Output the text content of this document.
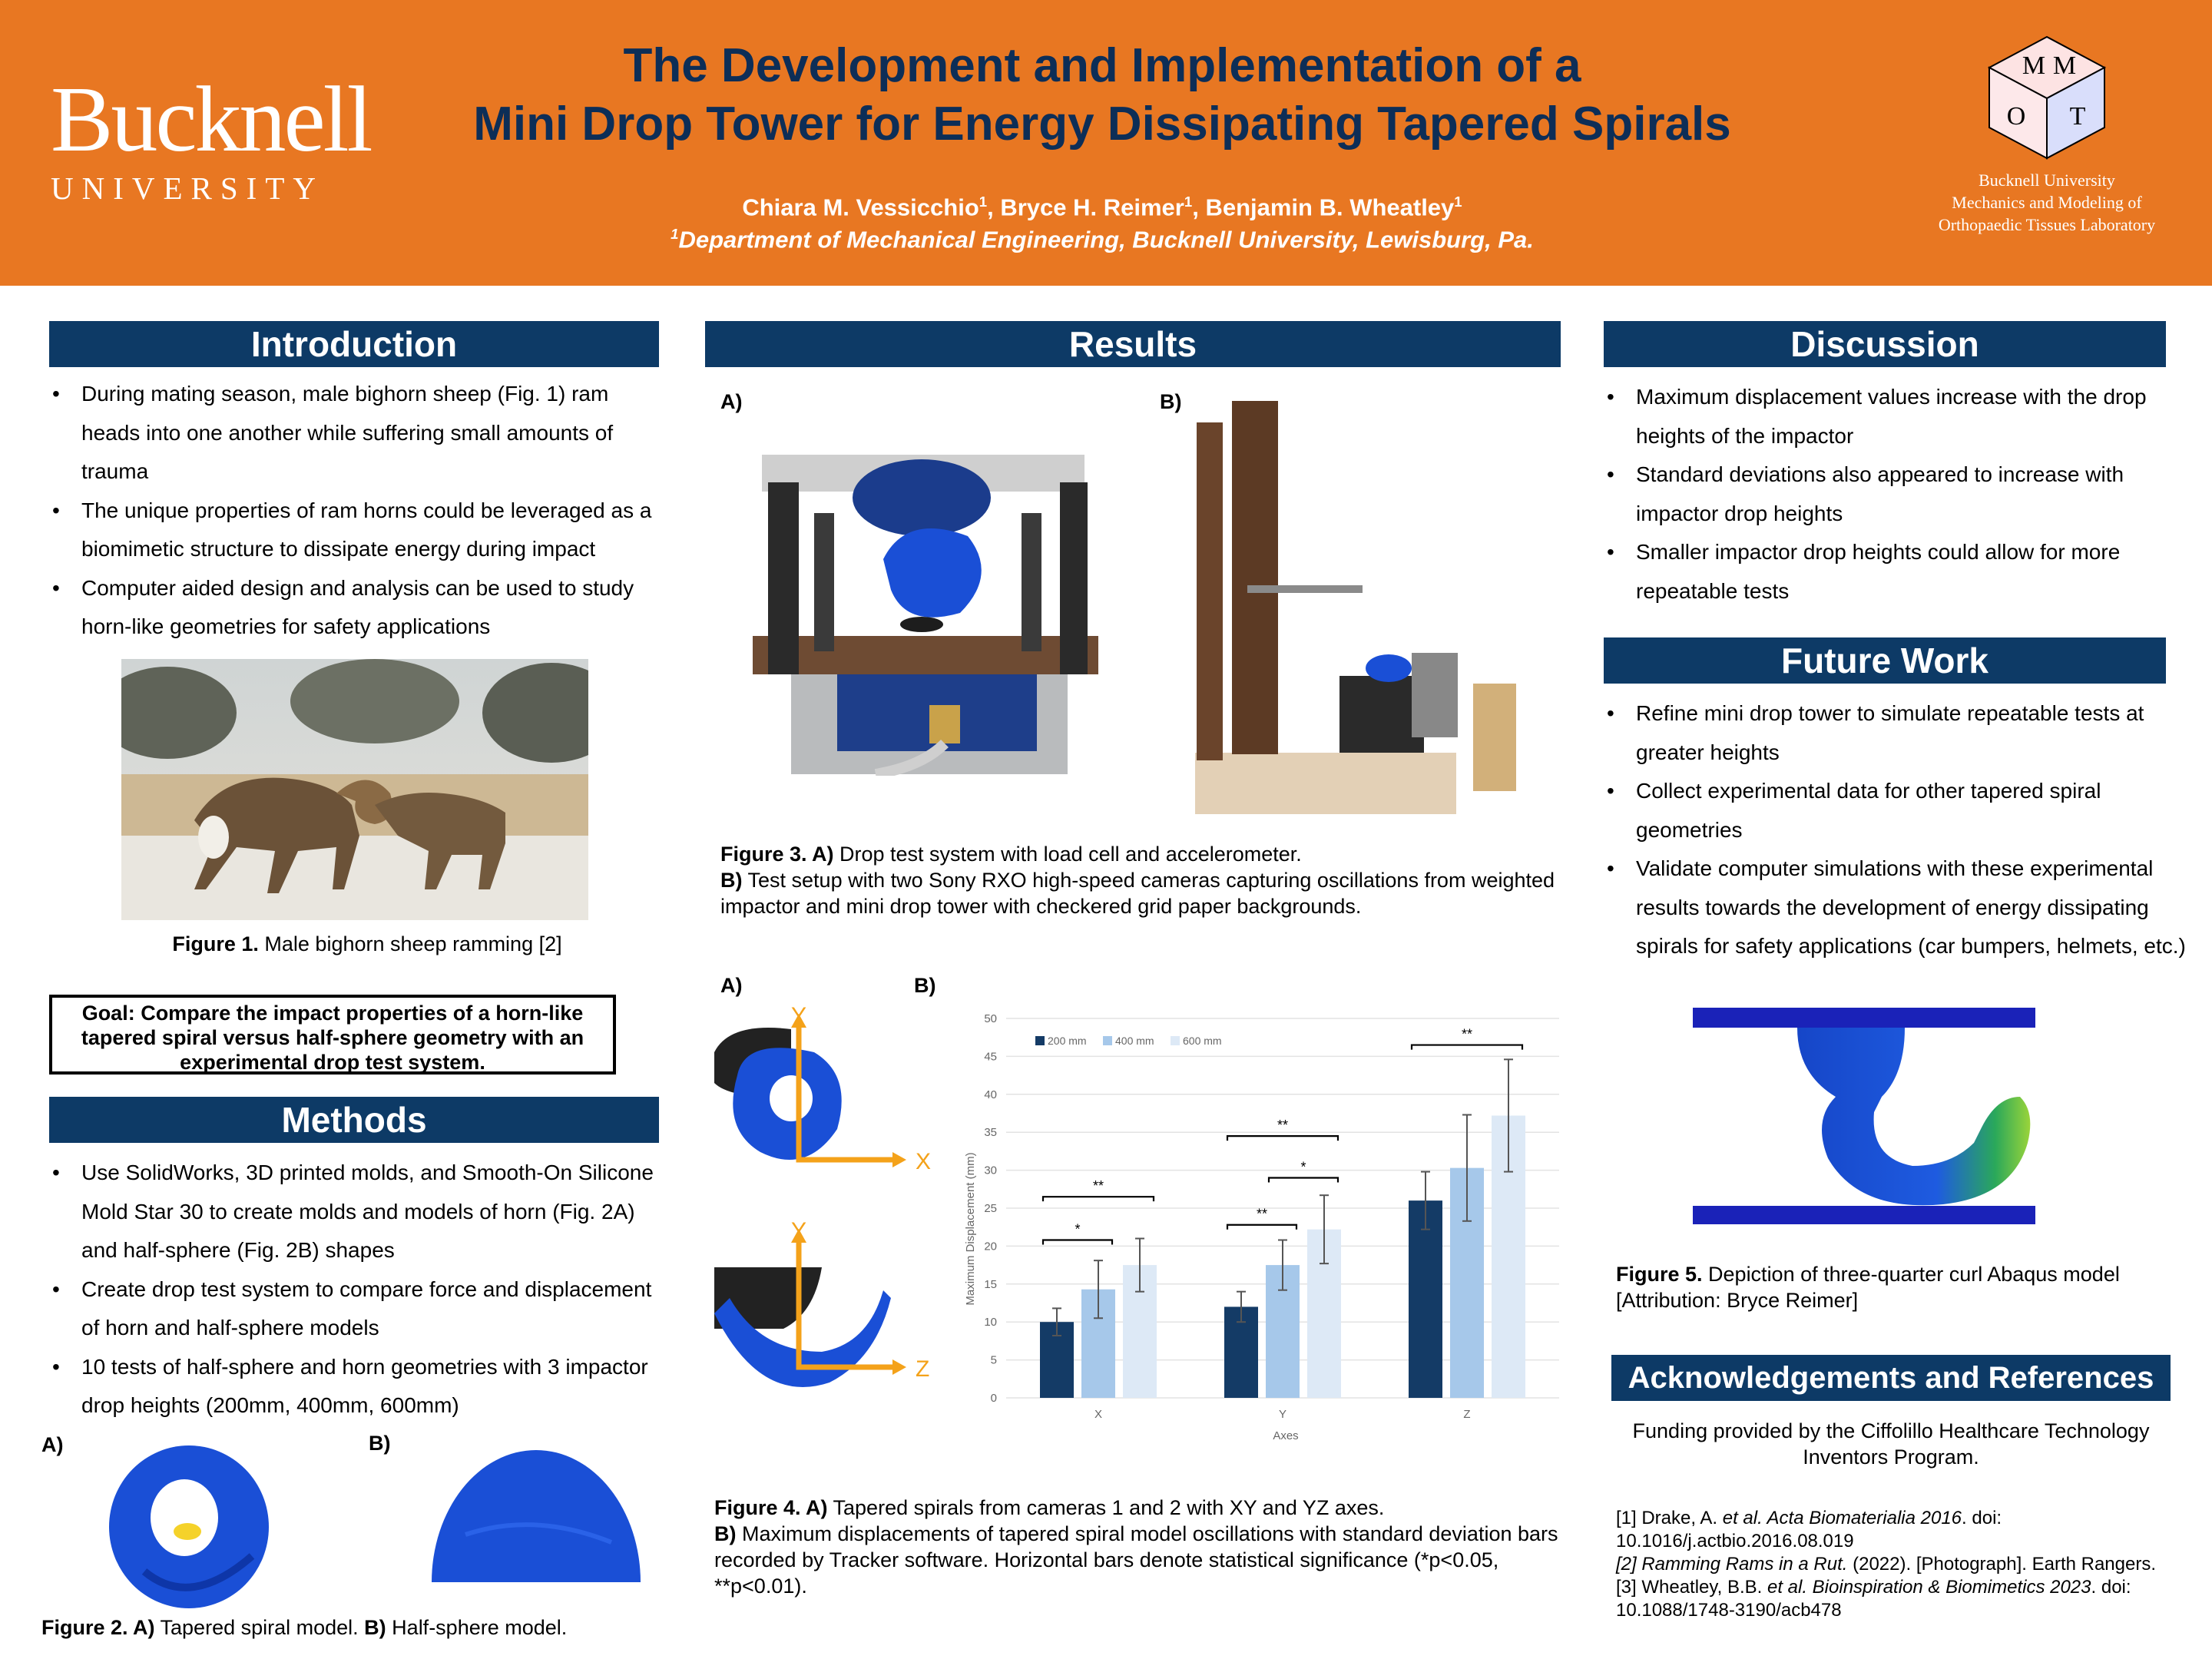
Bucknell
UNIVERSITY
The Development and Implementation of a
Mini Drop Tower for Energy Dissipating Tapered Spirals
Chiara M. Vessicchio$^1$, Bryce H. Reimer$^1$, Benjamin B. Wheatley$^1$
$^1$Department of Mechanical Engineering, Bucknell University, Lewisburg, Pa.
M M
O T
Bucknell University
Mechanics and Modeling of
Orthopaedic Tissues Laboratory
Introduction
• During mating season, male bighorn sheep (Fig. 1) ram heads into one another while suffering small amounts of trauma
• The unique properties of ram horns could be leveraged as a biomimetic structure to dissipate energy during impact
• Computer aided design and analysis can be used to study horn-like geometries for safety applications
Figure 1. Male bighorn sheep ramming [2]
Goal: Compare the impact properties of a horn-like tapered spiral versus half-sphere geometry with an experimental drop test system.
Methods
• Use SolidWorks, 3D printed molds, and Smooth-On Silicone Mold Star 30 to create molds and models of horn (Fig. 2A) and half-sphere (Fig. 2B) shapes
• Create drop test system to compare force and displacement of horn and half-sphere models
• 10 tests of half-sphere and horn geometries with 3 impactor drop heights (200mm, 400mm, 600mm)
A)	B)
Figure 2. A) Tapered spiral model. B) Half-sphere model.
Results
A)	B)
Figure 3. A) Drop test system with load cell and accelerometer.
B) Test setup with two Sony RXO high-speed cameras capturing oscillations from weighted impactor and mini drop tower with checkered grid paper backgrounds.
A)	B)
Y
X
Y
Z
0
5
10
15
20
25
30
35
40
45
50
*
**
**
*
**
**
X	Y	Z
200 mm	400 mm	600 mm
Maximum Displacement (mm)
Axes
Figure 4. A) Tapered spirals from cameras 1 and 2 with XY and YZ axes.
B) Maximum displacements of tapered spiral model oscillations with standard deviation bars recorded by Tracker software. Horizontal bars denote statistical significance (*p<0.05, **p<0.01).
Discussion
• Maximum displacement values increase with the drop heights of the impactor
• Standard deviations also appeared to increase with impactor drop heights
• Smaller impactor drop heights could allow for more repeatable tests
Future Work
• Refine mini drop tower to simulate repeatable tests at greater heights
• Collect experimental data for other tapered spiral geometries
• Validate computer simulations with these experimental results towards the development of energy dissipating spirals for safety applications (car bumpers, helmets, etc.)
Figure 5. Depiction of three-quarter curl Abaqus model [Attribution: Bryce Reimer]
Acknowledgements and References
Funding provided by the Ciffolillo Healthcare Technology Inventors Program.
[1] Drake, A. et al. Acta Biomaterialia 2016. doi: 10.1016/j.actbio.2016.08.019
[2] Ramming Rams in a Rut. (2022). [Photograph]. Earth Rangers.
[3] Wheatley, B.B. et al. Bioinspiration & Biomimetics 2023. doi: 10.1088/1748-3190/acb478
